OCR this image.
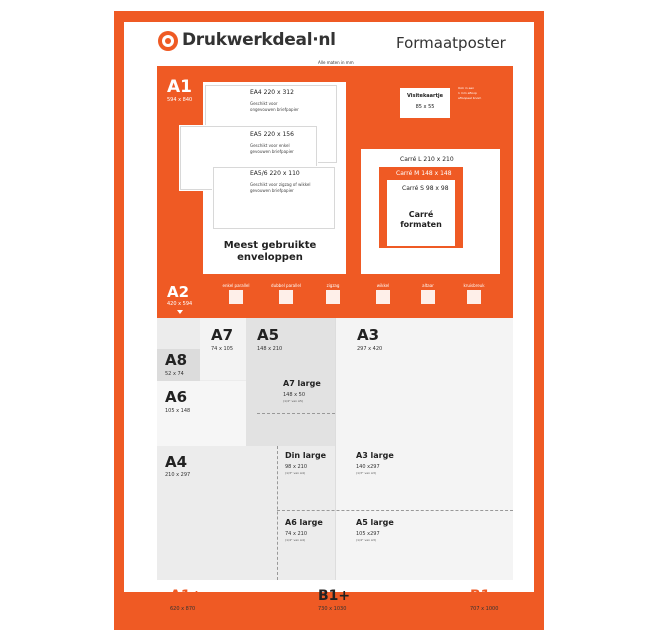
Drukwerkdeal·nl	Formaatposter
Alle maten in mm
A1
594 x 840
EA4 220 x 312
Geschikt voor
ongevouwen briefpapier
EA5 220 x 156
Geschikt voor enkel
gevouwen briefpapier
EA5/6 220 x 110
Geschikt voor zigzag of wikkel
gevouwen briefpapier
Meest gebruikte
enveloppen
Visitekaartje
85 x 55
Ook in een
1 mm afloop
afloopeel bnom
Carré L 210 x 210
Carré M 148 x 148
Carré S 98 x 98
Carré
formaten
A2
420 x 594
enkel parallel	dubbel parallel	zigzag	wikkel	altaar	kruisbreuk
A7
74 x 105
A5
148 x 210
A3
297 x 420
A8
52 x 74
A6
105 x 148
A7 large
148 x 50
(1/4° van A5)
A4
210 x 297
Din large
98 x 210
(1/3° van A4)
A3 large
140 x297
(1/3° van A3)
A6 large
74 x 210
(1/4° van A4)
A5 large
105 x297
(1/4° van A3)
A1+
620 x 870
B1+
730 x 1030
B1
707 x 1000
